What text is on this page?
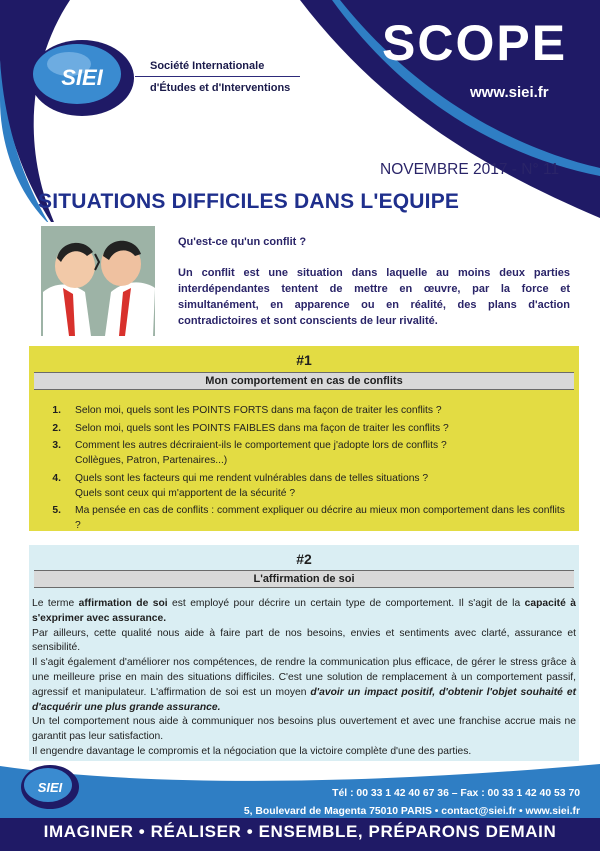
SIEI	Société Internationale
d'Études et d'Interventions
SCOPE
www.siei.fr
NOVEMBRE 2017 - N° 11
SITUATIONS DIFFICILES DANS L'EQUIPE
Qu'est-ce qu'un conflit ?
Un conflit est une situation dans laquelle au moins deux parties interdépendantes tentent de mettre en œuvre, par la force et simultanément, en apparence ou en réalité, des plans d'action contradictoires et sont conscients de leur rivalité.
#1
Mon comportement en cas de conflits
1. Selon moi, quels sont les POINTS FORTS dans ma façon de traiter les conflits ?
2. Selon moi, quels sont les POINTS FAIBLES dans ma façon de traiter les conflits ?
3. Comment les autres décriraient-ils le comportement que j'adopte lors de conflits ?
Collègues, Patron, Partenaires...)
4. Quels sont les facteurs qui me rendent vulnérables dans de telles situations ?
Quels sont ceux qui m'apportent de la sécurité ?
5. Ma pensée en cas de conflits : comment expliquer ou décrire au mieux mon comportement dans les conflits ?
#2
L'affirmation de soi

Le terme affirmation de soi est employé pour décrire un certain type de comportement. Il s'agit de la capacité à s'exprimer avec assurance.

Par ailleurs, cette qualité nous aide à faire part de nos besoins, envies et sentiments avec clarté, assurance et sensibilité.

Il s'agit également d'améliorer nos compétences, de rendre la communication plus efficace, de gérer le stress grâce à une meilleure prise en main des situations difficiles. C'est une solution de remplacement à un comportement passif, agressif et manipulateur. L'affirmation de soi est un moyen d'avoir un impact positif, d'obtenir l'objet souhaité et d'acquérir une plus grande assurance.

Un tel comportement nous aide à communiquer nos besoins plus ouvertement et avec une franchise accrue mais ne garantit pas leur satisfaction.

Il engendre davantage le compromis et la négociation que la victoire complète d'une des parties.

SIEI	Tél : 00 33 1 42 40 67 36 – Fax : 00 33 1 42 40 53 70
5, Boulevard de Magenta 75010 PARIS • contact@siei.fr • www.siei.fr
IMAGINER • RÉALISER • ENSEMBLE, PRÉPARONS DEMAIN
